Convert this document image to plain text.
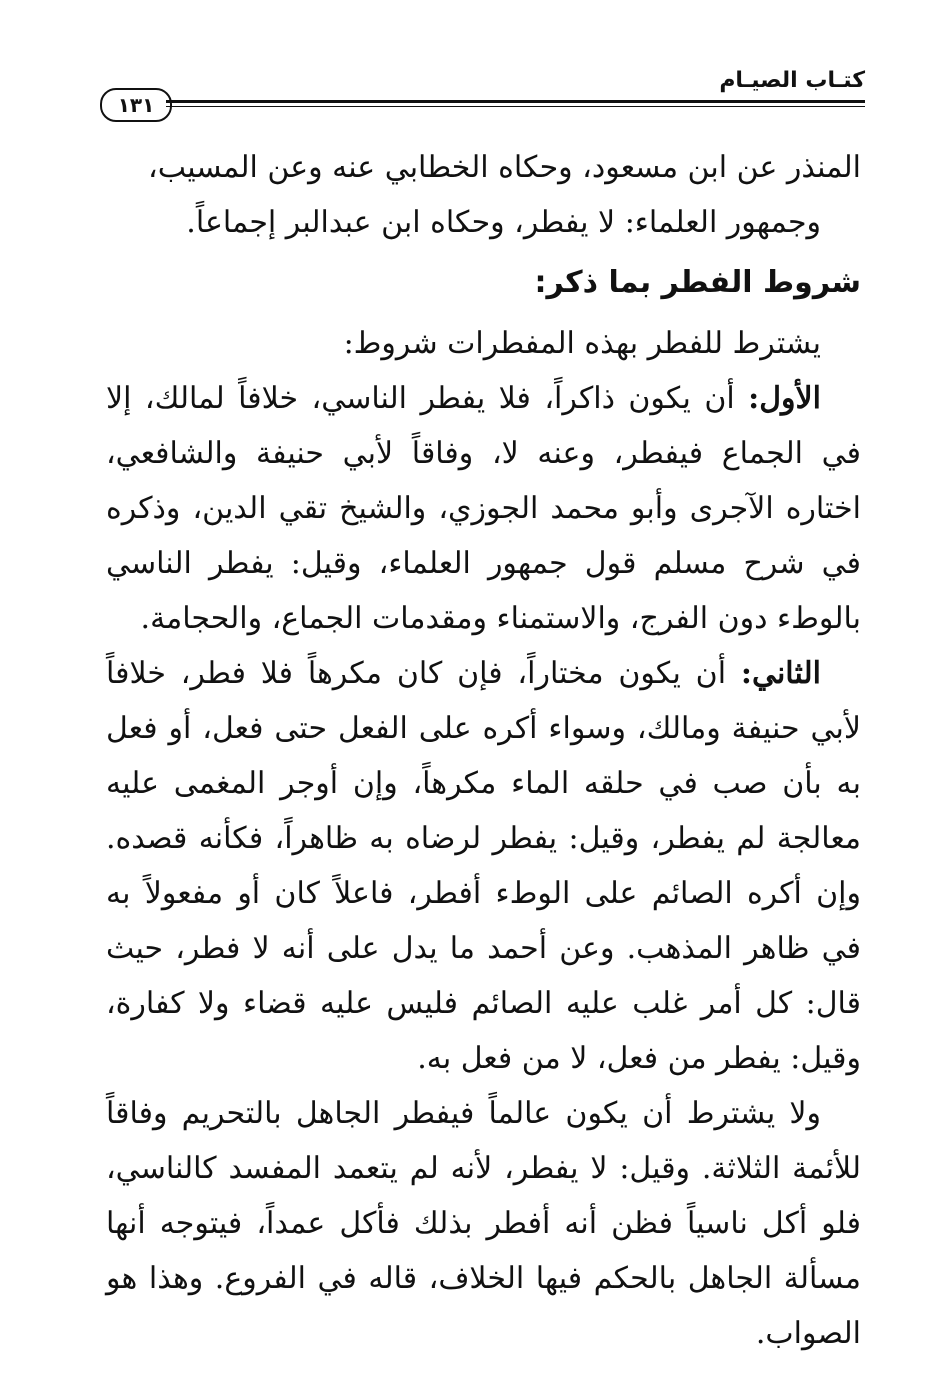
كتـاب الصيـام
١٣١

المنذر عن ابن مسعود، وحكاه الخطابي عنه وعن المسيب،
وجمهور العلماء: لا يفطر، وحكاه ابن عبدالبر إجماعاً.

شروط الفطر بما ذكر:

يشترط للفطر بهذه المفطرات شروط:

الأول: أن يكون ذاكراً، فلا يفطر الناسي، خلافاً لمالك، إلا في الجماع فيفطر، وعنه لا، وفاقاً لأبي حنيفة والشافعي، اختاره الآجرى وأبو محمد الجوزي، والشيخ تقي الدين، وذكره في شرح مسلم قول جمهور العلماء، وقيل: يفطر الناسي بالوطء دون الفرج، والاستمناء ومقدمات الجماع، والحجامة.

الثاني: أن يكون مختاراً، فإن كان مكرهاً فلا فطر، خلافاً لأبي حنيفة ومالك، وسواء أكره على الفعل حتى فعل، أو فعل به بأن صب في حلقه الماء مكرهاً، وإن أوجر المغمى عليه معالجة لم يفطر، وقيل: يفطر لرضاه به ظاهراً، فكأنه قصده. وإن أكره الصائم على الوطء أفطر، فاعلاً كان أو مفعولاً به في ظاهر المذهب. وعن أحمد ما يدل على أنه لا فطر، حيث قال: كل أمر غلب عليه الصائم فليس عليه قضاء ولا كفارة، وقيل: يفطر من فعل، لا من فعل به.

ولا يشترط أن يكون عالماً فيفطر الجاهل بالتحريم وفاقاً للأئمة الثلاثة. وقيل: لا يفطر، لأنه لم يتعمد المفسد كالناسي، فلو أكل ناسياً فظن أنه أفطر بذلك فأكل عمداً، فيتوجه أنها مسألة الجاهل بالحكم فيها الخلاف، قاله في الفروع. وهذا هو الصواب.
